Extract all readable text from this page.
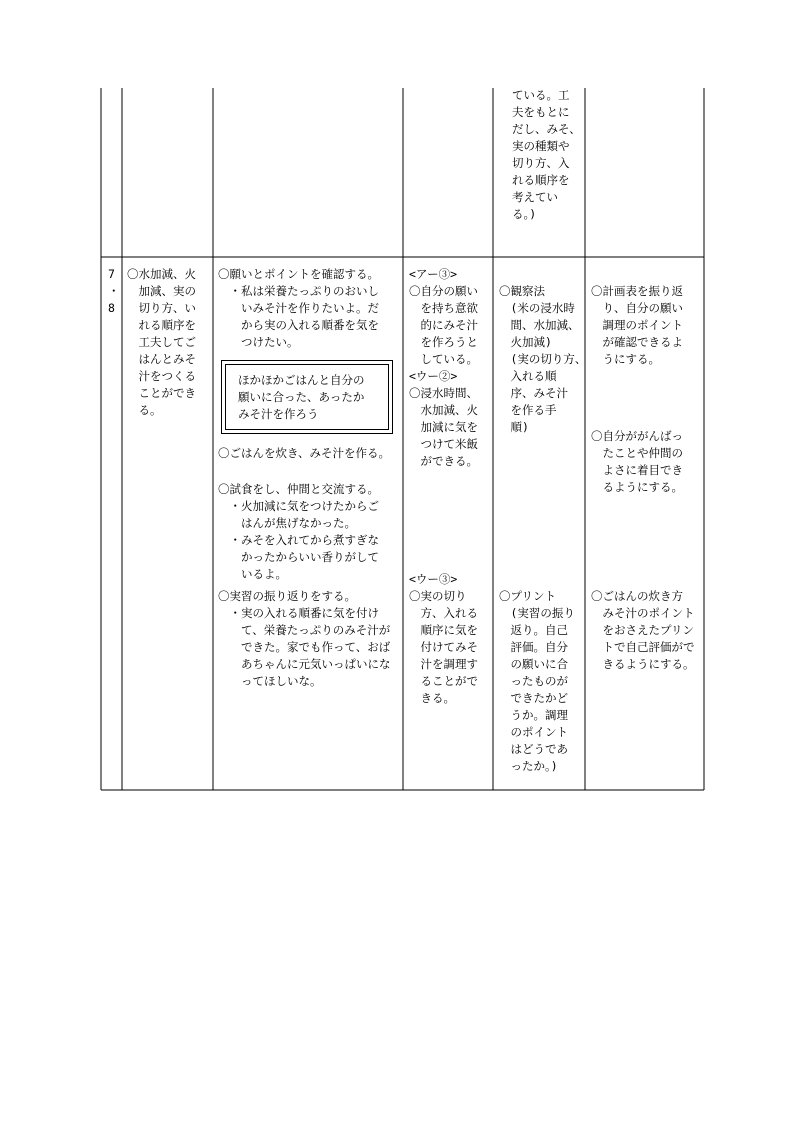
ている。工
夫をもとに
だし、みそ、
実の種類や
切り方、入
れる順序を
考えてい
る。)
7
・
8
〇水加減、火
　加減、実の
　切り方、い
　れる順序を
　工夫してご
　はんとみそ
　汁をつくる
　ことができ
　る。
〇願いとポイントを確認する。
　・私は栄養たっぷりのおいし
　　いみそ汁を作りたいよ。だ
　　から実の入れる順番を気を
　　つけたい。
ほかほかごはんと自分の
願いに合った、あったか
みそ汁を作ろう
〇ごはんを炊き、みそ汁を作る。
〇試食をし、仲間と交流する。
　・火加減に気をつけたからご
　　はんが焦げなかった。
　・みそを入れてから煮すぎな
　　かったからいい香りがして
　　いるよ。
〇実習の振り返りをする。
　・実の入れる順番に気を付け
　　て、栄養たっぷりのみそ汁が
　　できた。家でも作って、おば
　　あちゃんに元気いっぱいにな
　　ってほしいな。
<アー③>
〇自分の願い
　を持ち意欲
　的にみそ汁
　を作ろうと
　している。
<ウー②>
〇浸水時間、
　水加減、火
　加減に気を
　つけて米飯
　ができる。
<ウー③>
〇実の切り
　方、入れる
　順序に気を
　付けてみそ
　汁を調理す
　ることがで
　きる。
〇観察法
　(米の浸水時
　間、水加減、
　火加減)
　(実の切り方、
　入れる順
　序、みそ汁
　を作る手
　順)
〇プリント
　(実習の振り
　返り。自己
　評価。自分
　の願いに合
　ったものが
　できたかど
　うか。調理
　のポイント
　はどうであ
　ったか。)
〇計画表を振り返
　り、自分の願い
　調理のポイント
　が確認できるよ
　うにする。
〇自分ががんばっ
　たことや仲間の
　よさに着目でき
　るようにする。
〇ごはんの炊き方
　みそ汁のポイント
　をおさえたプリン
　トで自己評価がで
　きるようにする。
